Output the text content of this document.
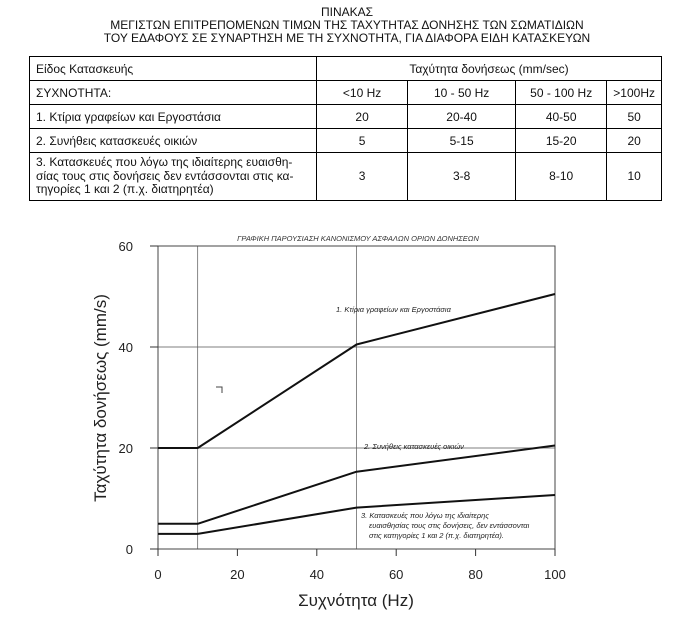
ΠΙΝΑΚΑΣ
ΜΕΓΙΣΤΩΝ ΕΠΙΤΡΕΠΟΜΕΝΩΝ ΤΙΜΩΝ ΤΗΣ ΤΑΧΥΤΗΤΑΣ ΔΟΝΗΣΗΣ ΤΩΝ ΣΩΜΑΤΙΔΙΩΝ
ΤΟΥ ΕΔΑΦΟΥΣ ΣΕ ΣΥΝΑΡΤΗΣΗ ΜΕ ΤΗ ΣΥΧΝΟΤΗΤΑ, ΓΙΑ ΔΙΑΦΟΡΑ ΕΙΔΗ ΚΑΤΑΣΚΕΥΩΝ
Είδος Κατασκευής	Ταχύτητα δονήσεως (mm/sec)			
ΣΥΧΝΟΤΗΤΑ:	<10 Hz	10 - 50 Hz	50 - 100 Hz	>100Hz
1. Κτίρια γραφείων και Εργοστάσια	20	20-40	40-50	50
2. Συνήθεις κατασκευές οικιών	5	5-15	15-20	20

3. Κατασκευές που λόγω της ιδιαίτερης ευαισθη-
σίας τους στις δονήσεις δεν εντάσσονται στις κα-
τηγορίες 1 και 2 (π.χ. διατηρητέα)	3	3-8	8-10	10
ΓΡΑΦΙΚΗ ΠΑΡΟΥΣΙΑΣΗ ΚΑΝΟΝΙΣΜΟΥ ΑΣΦΑΛΩΝ ΟΡΙΩΝ ΔΟΝΗΣΕΩΝ
0
20
40
60
0	20	40	60	80	100
Ταχύτητα δονήσεως (mm/s)
Συχνότητα (Hz)
1. Κτίρια γραφείων και Εργοστάσια
2. Συνήθεις κατασκευές οικιών
3. Κατασκευές που λόγω της ιδιαίτερης
ευαισθησίας τους στις δονήσεις, δεν εντάσσονται
στις κατηγορίες 1 και 2 (π.χ. διατηρητέα).
